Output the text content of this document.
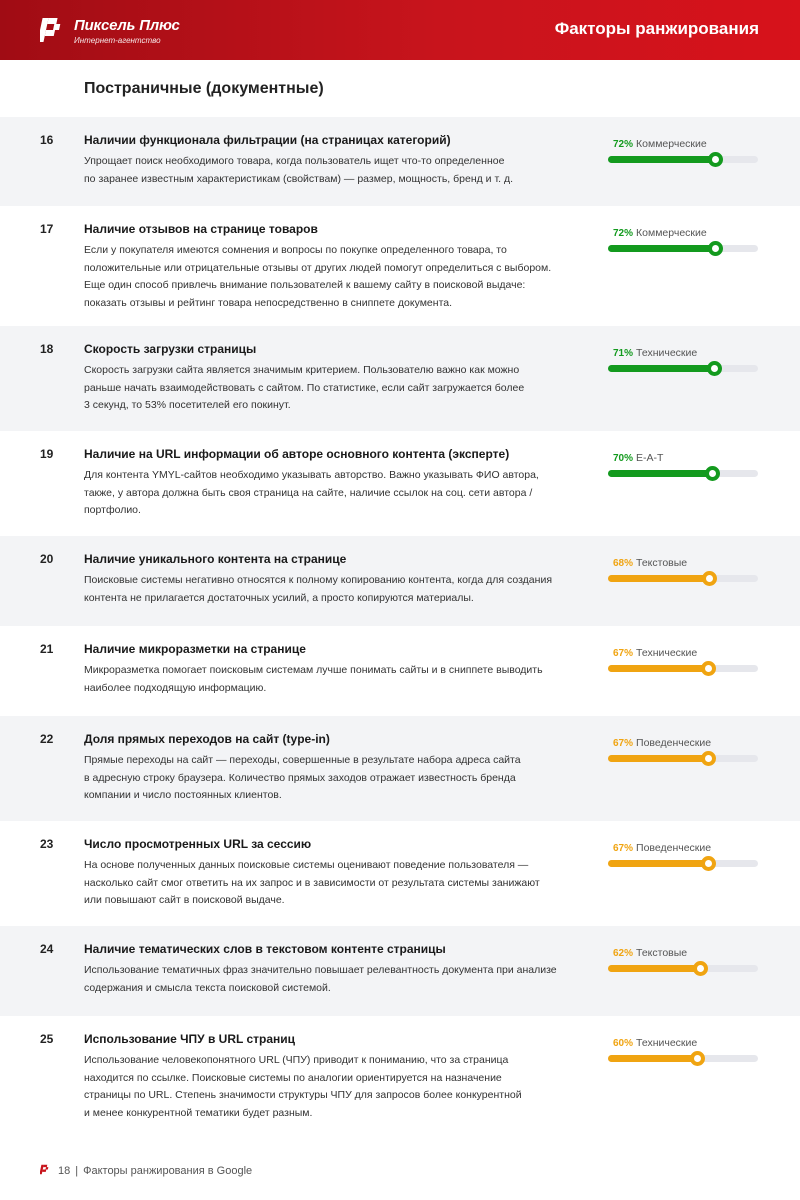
Пиксель Плюс
Интернет-агентство
Факторы ранжирования
Постраничные (документные)
16	Наличии функционала фильтрации (на страницах категорий)
Упрощает поиск необходимого товара, когда пользователь ищет что-то определенное
по заранее известным характеристикам (свойствам) — размер, мощность, бренд и т. д.
72% Коммерческие
17	Наличие отзывов на странице товаров
Если у покупателя имеются сомнения и вопросы по покупке определенного товара, то
положительные или отрицательные отзывы от других людей помогут определиться с выбором.
Еще один способ привлечь внимание пользователей к вашему сайту в поисковой выдаче:
показать отзывы и рейтинг товара непосредственно в сниппете документа.
72% Коммерческие
18	Скорость загрузки страницы
Скорость загрузки сайта является значимым критерием. Пользователю важно как можно
раньше начать взаимодействовать с сайтом. По статистике, если сайт загружается более
3 секунд, то 53% посетителей его покинут.
71% Технические
19	Наличие на URL информации об авторе основного контента (эксперте)
Для контента YMYL-сайтов необходимо указывать авторство. Важно указывать ФИО автора,
также, у автора должна быть своя страница на сайте, наличие ссылок на соц. сети автора /
портфолио.
70% E-A-T
20	Наличие уникального контента на странице
Поисковые системы негативно относятся к полному копированию контента, когда для создания
контента не прилагается достаточных усилий, а просто копируются материалы.
68% Текстовые
21	Наличие микроразметки на странице
Микроразметка помогает поисковым системам лучше понимать сайты и в сниппете выводить
наиболее подходящую информацию.
67% Технические
22	Доля прямых переходов на сайт (type-in)
Прямые переходы на сайт — переходы, совершенные в результате набора адреса сайта
в адресную строку браузера. Количество прямых заходов отражает известность бренда
компании и число постоянных клиентов.
67% Поведенческие
23	Число просмотренных URL за сессию
На основе полученных данных поисковые системы оценивают поведение пользователя —
насколько сайт смог ответить на их запрос и в зависимости от результата системы занижают
или повышают сайт в поисковой выдаче.
67% Поведенческие
24	Наличие тематических слов в текстовом контенте страницы
Использование тематичных фраз значительно повышает релевантность документа при анализе
содержания и смысла текста поисковой системой.
62% Текстовые
25	Использование ЧПУ в URL страниц
Использование человекопонятного URL (ЧПУ) приводит к пониманию, что за страница
находится по ссылке. Поисковые системы по аналогии ориентируется на назначение
страницы по URL. Степень значимости структуры ЧПУ для запросов более конкурентной
и менее конкурентной тематики будет разным.
60% Технические
18 | Факторы ранжирования в Google
